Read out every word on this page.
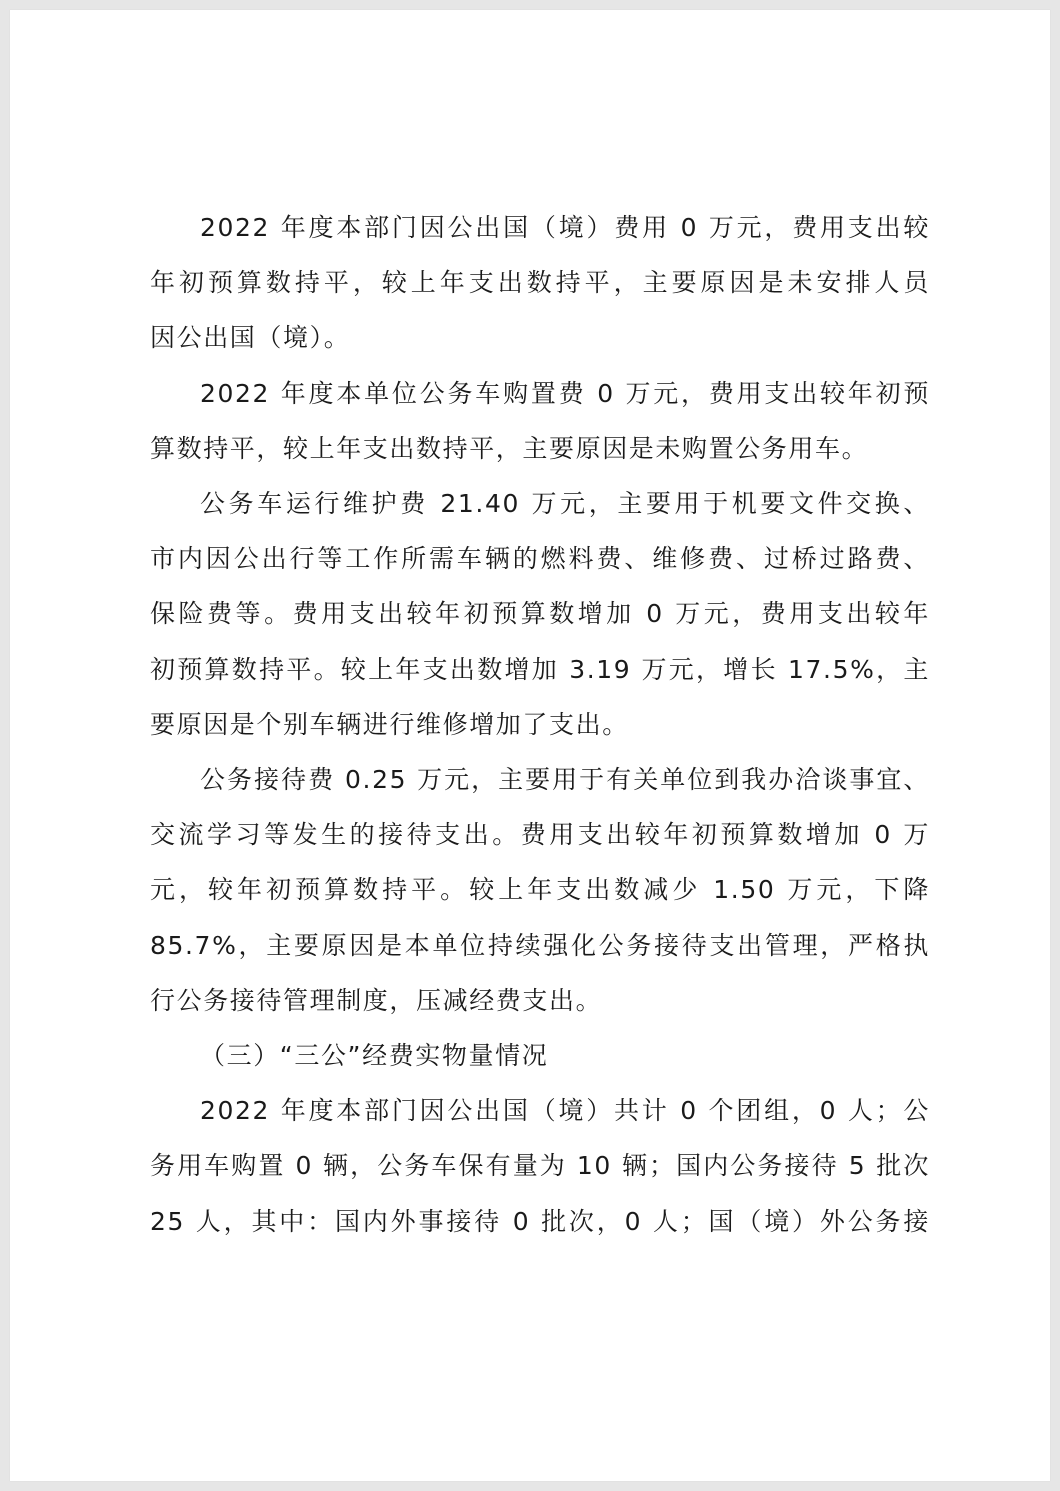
2022 年度本部门因公出国（境）费用 0 万元，费用支出较
年初预算数持平，较上年支出数持平，主要原因是未安排人员
因公出国（境）。
2022 年度本单位公务车购置费 0 万元，费用支出较年初预
算数持平，较上年支出数持平，主要原因是未购置公务用车。
公务车运行维护费 21.40 万元，主要用于机要文件交换、
市内因公出行等工作所需车辆的燃料费、维修费、过桥过路费、
保险费等。费用支出较年初预算数增加 0 万元，费用支出较年
初预算数持平。较上年支出数增加 3.19 万元，增长 17.5%，主
要原因是个别车辆进行维修增加了支出。
公务接待费 0.25 万元，主要用于有关单位到我办洽谈事宜、
交流学习等发生的接待支出。费用支出较年初预算数增加 0 万
元，较年初预算数持平。较上年支出数减少 1.50 万元，下降
85.7%，主要原因是本单位持续强化公务接待支出管理，严格执
行公务接待管理制度，压减经费支出。
（三）“三公”经费实物量情况
2022 年度本部门因公出国（境）共计 0 个团组，0 人；公
务用车购置 0 辆，公务车保有量为 10 辆；国内公务接待 5 批次
25 人，其中：国内外事接待 0 批次，0 人；国（境）外公务接
